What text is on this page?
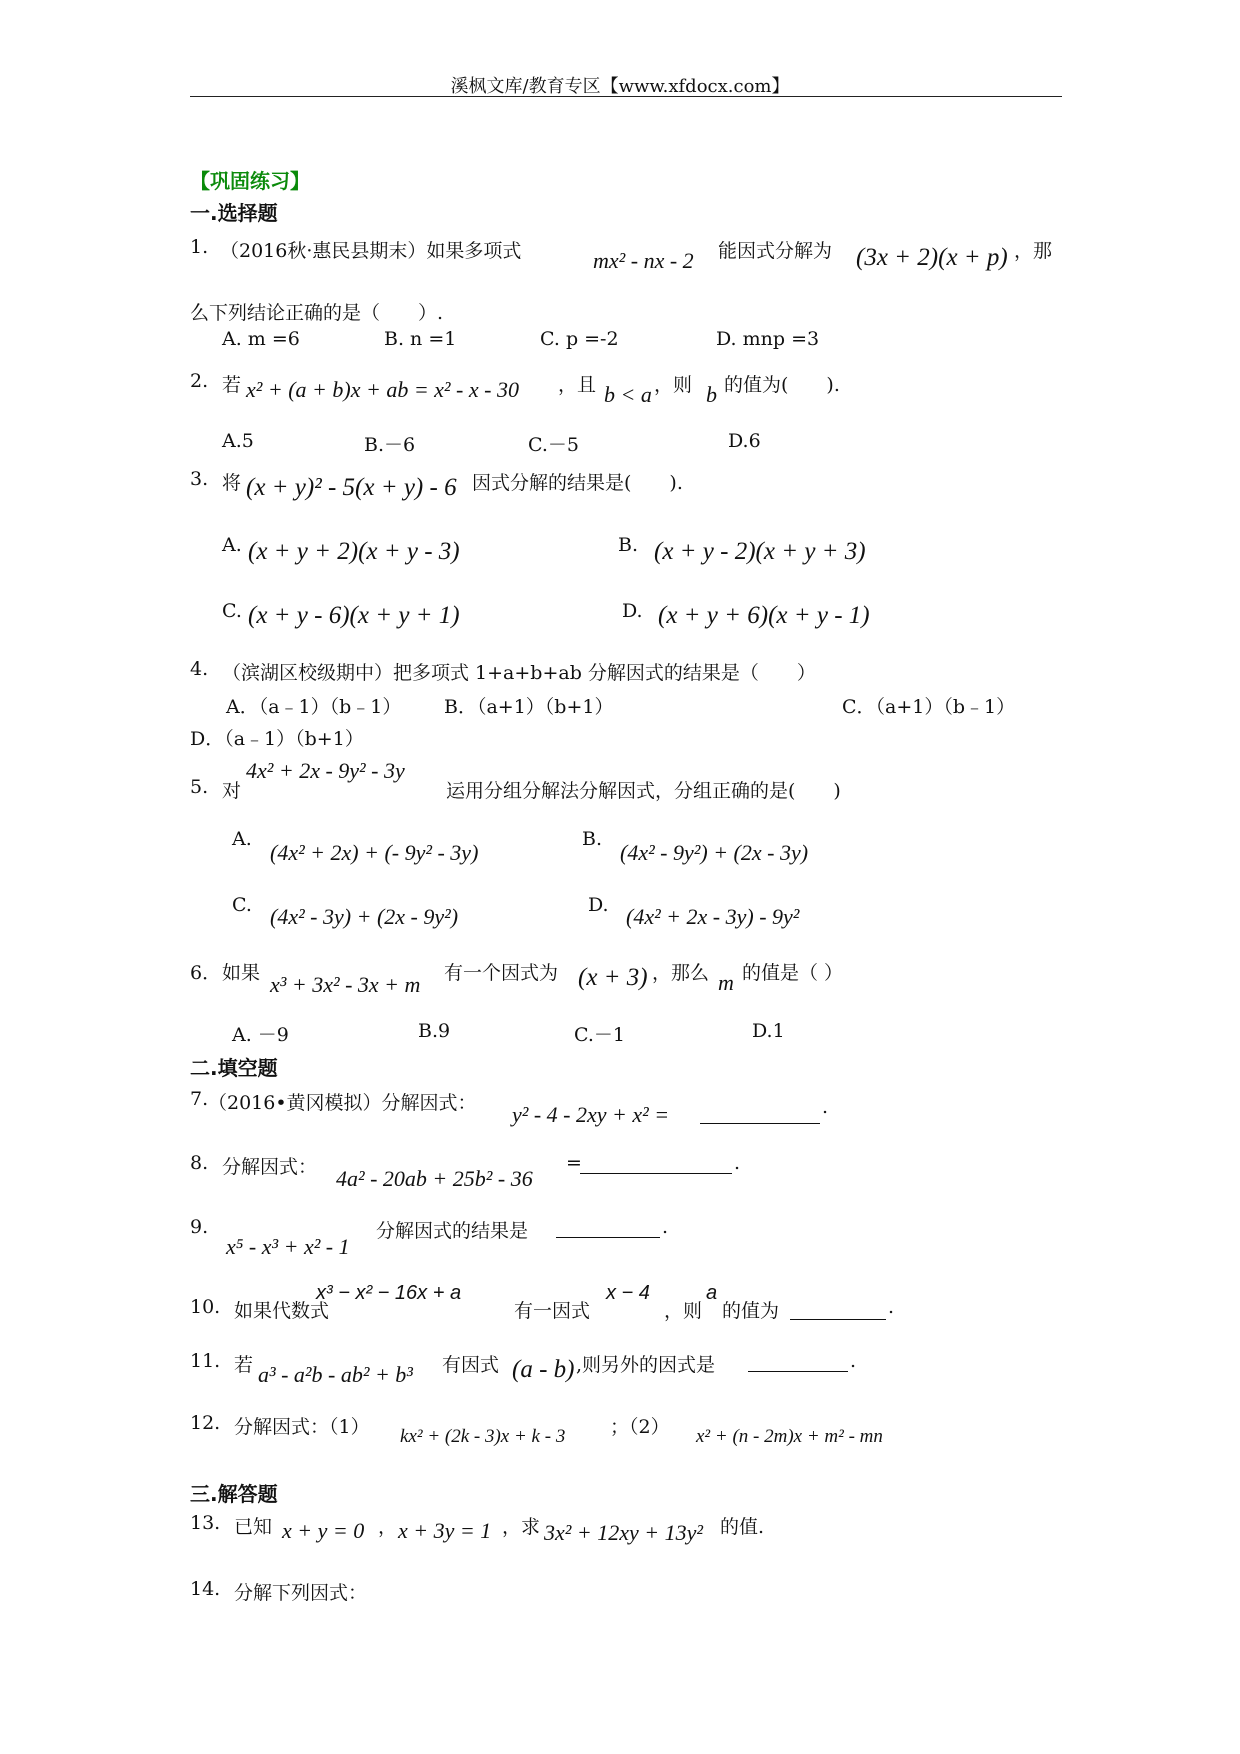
溪枫文库/教育专区【www.xfdocx.com】
【巩固练习】
一.选择题
1. （2016秋·惠民县期末）如果多项式	mx² - nx - 2 能因式分解为 (3x + 2)(x + p) ，那
么下列结论正确的是（　　）.
A. m =6	B. n =1	C. p =-2	D. mnp =3
2. 若 x² + (a + b)x + ab = x² - x - 30 ，且 b < a ，则 b 的值为(　　).
A.5	B.－6	C.－5	D.6
3. 将 (x + y)² - 5(x + y) - 6 因式分解的结果是(　　).
A. (x + y + 2)(x + y - 3)	B. (x + y - 2)(x + y + 3)
C. (x + y - 6)(x + y + 1)	D. (x + y + 6)(x + y - 1)
4. （滨湖区校级期中）把多项式 1+a+b+ab 分解因式的结果是（　　）
A．（a﹣1）（b﹣1） B．（a+1）（b+1）	C．（a+1）（b﹣1）
D．（a﹣1）（b+1）
5. 对
4x² + 2x - 9y² - 3y
运用分组分解法分解因式，分组正确的是(　　)
A.
(4x² + 2x) + (- 9y² - 3y)
B.
(4x² - 9y²) + (2x - 3y)
C. (4x² - 3y) + (2x - 9y²)	D. (4x² + 2x - 3y) - 9y²
6． 如果 x³ + 3x² - 3x + m 有一个因式为 (x + 3) ，那么 m 的值是（ ）
A. －9	B.9	C.－1	D.1
二.填空题
7. （2016•黄冈模拟）分解因式： y² - 4 - 2xy + x² =	.
8. 分解因式： 4a² - 20ab + 25b² - 36
=	.
9.
x⁵ - x³ + x² - 1
分解因式的结果是	.
10. 如果代数式
x³ − x² − 16x + a
有一因式
x − 4
，则
a
的值为	.
11. 若 a³ - a²b - ab² + b³ 有因式 (a - b) ,则另外的因式是	.
12. 分解因式：（1） kx² + (2k - 3)x + k - 3 ；（2） x² + (n - 2m)x + m² - mn
三.解答题
13. 已知 x + y = 0 ， x + 3y = 1 ，求 3x² + 12xy + 13y² 的值.
14. 分解下列因式：
